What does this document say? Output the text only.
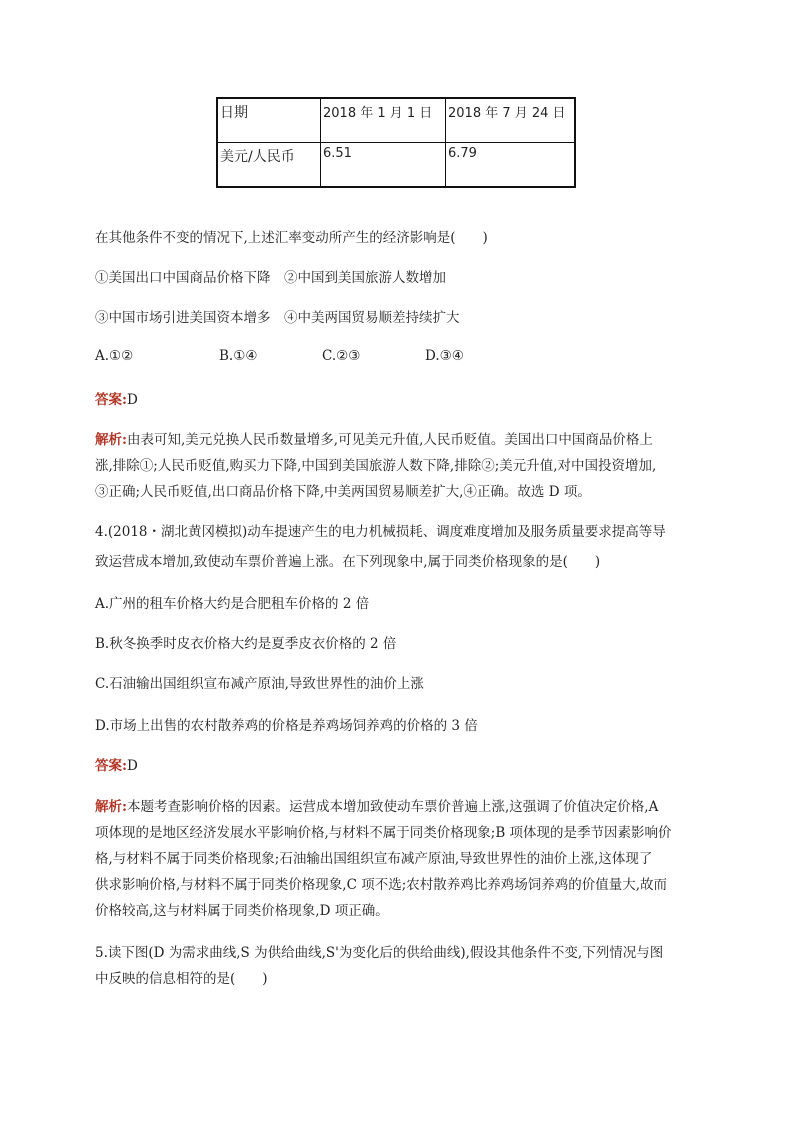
日期	2018 年 1 月 1 日	2018 年 7 月 24 日
美元/人民币	6.51	6.79
在其他条件不变的情况下,上述汇率变动所产生的经济影响是(　　)
①美国出口中国商品价格下降　②中国到美国旅游人数增加
③中国市场引进美国资本增多　④中美两国贸易顺差持续扩大
A.①②	B.①④	C.②③	D.③④
答案:D
解析:由表可知,美元兑换人民币数量增多,可见美元升值,人民币贬值。美国出口中国商品价格上
涨,排除①;人民币贬值,购买力下降,中国到美国旅游人数下降,排除②;美元升值,对中国投资增加,
③正确;人民币贬值,出口商品价格下降,中美两国贸易顺差扩大,④正确。故选 D 项。
4.(2018・湖北黄冈模拟)动车提速产生的电力机械损耗、调度难度增加及服务质量要求提高等导
致运营成本增加,致使动车票价普遍上涨。在下列现象中,属于同类价格现象的是(　　)
A.广州的租车价格大约是合肥租车价格的 2 倍
B.秋冬换季时皮衣价格大约是夏季皮衣价格的 2 倍
C.石油输出国组织宣布减产原油,导致世界性的油价上涨
D.市场上出售的农村散养鸡的价格是养鸡场饲养鸡的价格的 3 倍
答案:D
解析:本题考查影响价格的因素。运营成本增加致使动车票价普遍上涨,这强调了价值决定价格,A
项体现的是地区经济发展水平影响价格,与材料不属于同类价格现象;B 项体现的是季节因素影响价
格,与材料不属于同类价格现象;石油输出国组织宣布减产原油,导致世界性的油价上涨,这体现了
供求影响价格,与材料不属于同类价格现象,C 项不选;农村散养鸡比养鸡场饲养鸡的价值量大,故而
价格较高,这与材料属于同类价格现象,D 项正确。
5.读下图(D 为需求曲线,S 为供给曲线,S'为变化后的供给曲线),假设其他条件不变,下列情况与图
中反映的信息相符的是(　　)
